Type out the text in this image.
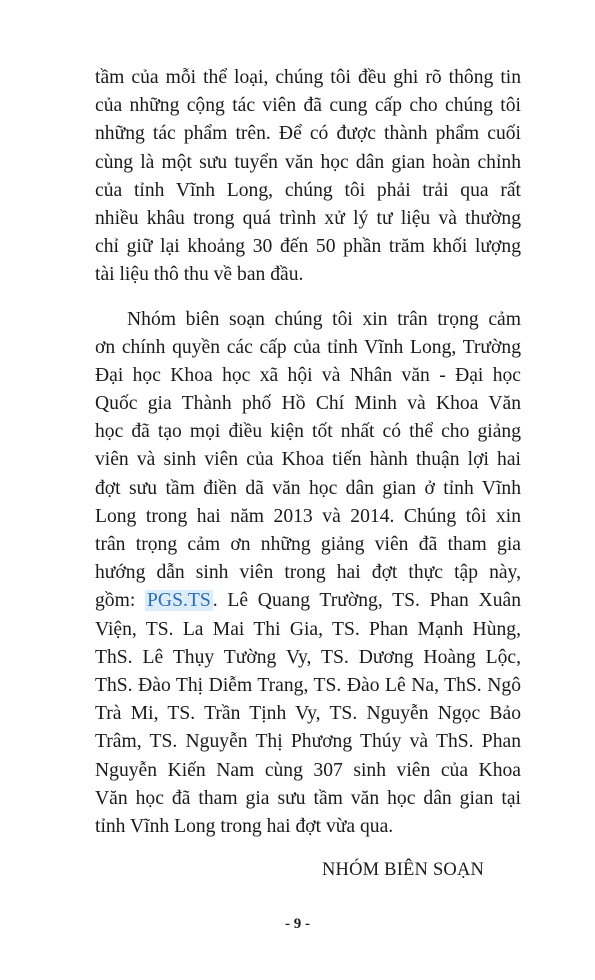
tầm của mỗi thể loại, chúng tôi đều ghi rõ thông tin
của những cộng tác viên đã cung cấp cho chúng tôi
những tác phẩm trên. Để có được thành phẩm cuối
cùng là một sưu tuyển văn học dân gian hoàn chỉnh
của tỉnh Vĩnh Long, chúng tôi phải trải qua rất
nhiều khâu trong quá trình xử lý tư liệu và thường
chỉ giữ lại khoảng 30 đến 50 phần trăm khối lượng
tài liệu thô thu về ban đầu.
Nhóm biên soạn chúng tôi xin trân trọng cảm
ơn chính quyền các cấp của tỉnh Vĩnh Long, Trường
Đại học Khoa học xã hội và Nhân văn - Đại học
Quốc gia Thành phố Hồ Chí Minh và Khoa Văn
học đã tạo mọi điều kiện tốt nhất có thể cho giảng
viên và sinh viên của Khoa tiến hành thuận lợi hai
đợt sưu tầm điền dã văn học dân gian ở tỉnh Vĩnh
Long trong hai năm 2013 và 2014. Chúng tôi xin
trân trọng cảm ơn những giảng viên đã tham gia
hướng dẫn sinh viên trong hai đợt thực tập này,
gồm: PGS.TS . Lê Quang Trường, TS. Phan Xuân
Viện, TS. La Mai Thi Gia, TS. Phan Mạnh Hùng,
ThS. Lê Thụy Tường Vy, TS. Dương Hoàng Lộc,
ThS. Đào Thị Diễm Trang, TS. Đào Lê Na, ThS. Ngô
Trà Mi, TS. Trần Tịnh Vy, TS. Nguyễn Ngọc Bảo
Trâm, TS. Nguyễn Thị Phương Thúy và ThS. Phan
Nguyễn Kiến Nam cùng 307 sinh viên của Khoa
Văn học đã tham gia sưu tầm văn học dân gian tại
tỉnh Vĩnh Long trong hai đợt vừa qua.
NHÓM BIÊN SOẠN
- 9 -
